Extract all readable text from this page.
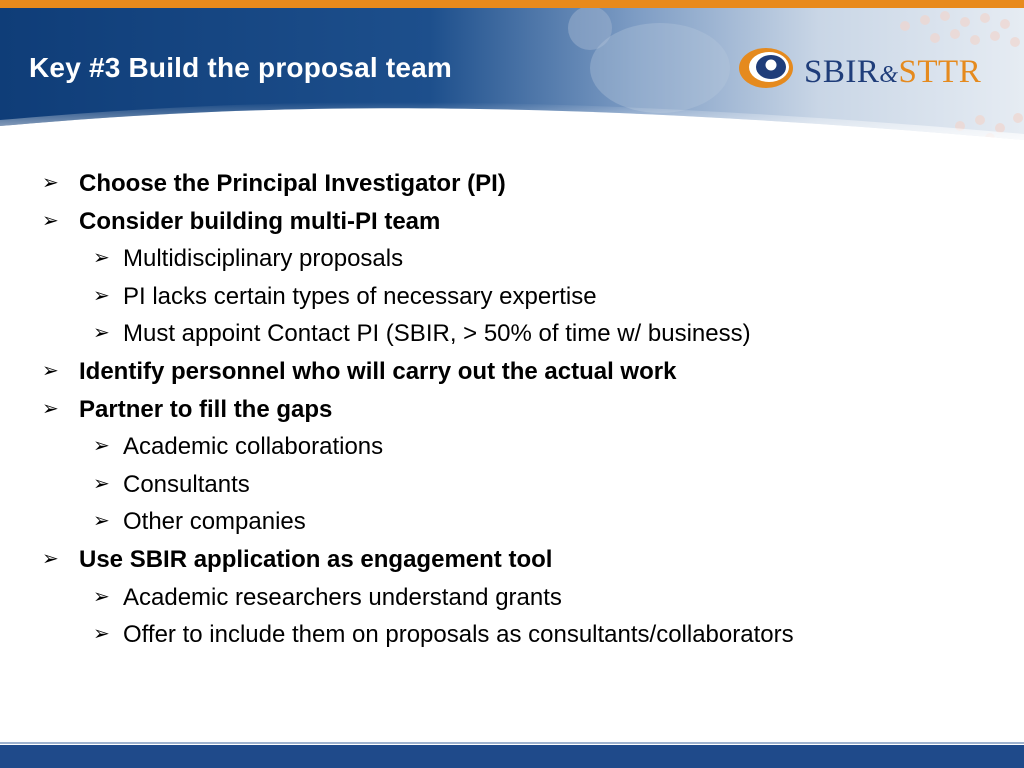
Key #3 Build the proposal team	SBIR&STTR
➢ Choose the Principal Investigator (PI)
➢ Consider building multi-PI team
➢ Multidisciplinary proposals
➢ PI lacks certain types of necessary expertise
➢ Must appoint Contact PI (SBIR, > 50% of time w/ business)
➢ Identify personnel who will carry out the actual work
➢ Partner to fill the gaps
➢ Academic collaborations
➢ Consultants
➢ Other companies
➢ Use SBIR application as engagement tool
➢ Academic researchers understand grants
➢ Offer to include them on proposals as consultants/collaborators
